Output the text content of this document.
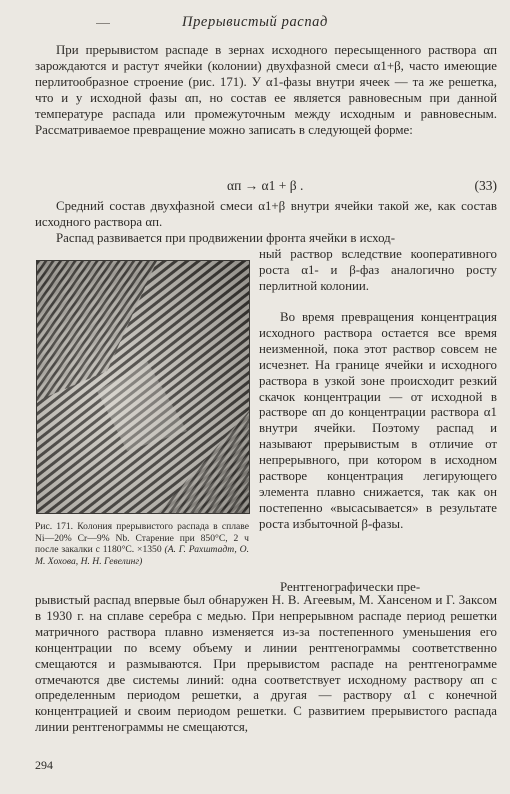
Прерывистый распад

При прерывистом распаде в зернах исходного пересыщенного раствора αп зарождаются и растут ячейки (колонии) двухфазной смеси α1+β, часто имеющие перлитообразное строение (рис. 171). У α1-фазы внутри ячеек — та же решетка, что и у исходной фазы αп, но состав ее является равновесным при данной температуре распада или промежуточным между исходным и равновесным. Рассматриваемое превращение можно записать в следующей форме:

αп → α1 + β .	(33)

Средний состав двухфазной смеси α1+β внутри ячейки такой же, как состав исходного раствора αп.

Распад развивается при продвижении фронта ячейки в исход-

Рис. 171. Колония прерывистого распада в сплаве Ni—20% Cr—9% Nb. Старение при 850°C, 2 ч после закалки с 1180°C. ×1350 (А. Г. Рахштадт, О. М. Хохова, Н. Н. Гевелинг)

ный раствор вследствие кооперативного роста α1- и β-фаз аналогично росту перлитной колонии.

Во время превращения концентрация исходного раствора остается все время неизменной, пока этот раствор совсем не исчезнет. На границе ячейки и исходного раствора в узкой зоне происходит резкий скачок концентрации — от исходной в растворе αп до концентрации раствора α1 внутри ячейки. Поэтому распад и называют прерывистым в отличие от непрерывного, при котором в исходном растворе концентрация легирующего элемента плавно снижается, так как он постепенно «высасывается» в результате роста избыточной β-фазы.

Рентгенографически пре-

рывистый распад впервые был обнаружен Н. В. Агеевым, М. Хансеном и Г. Заксом в 1930 г. на сплаве серебра с медью. При непрерывном распаде период решетки матричного раствора плавно изменяется из-за постепенного уменьшения его концентрации по всему объему и линии рентгенограммы соответственно смещаются и размываются. При прерывистом распаде на рентгенограмме отмечаются две системы линий: одна соответствует исходному раствору αп с определенным периодом решетки, а другая — раствору α1 с конечной концентрацией и своим периодом решетки. С развитием прерывистого распада линии рентгенограммы не смещаются,

294
